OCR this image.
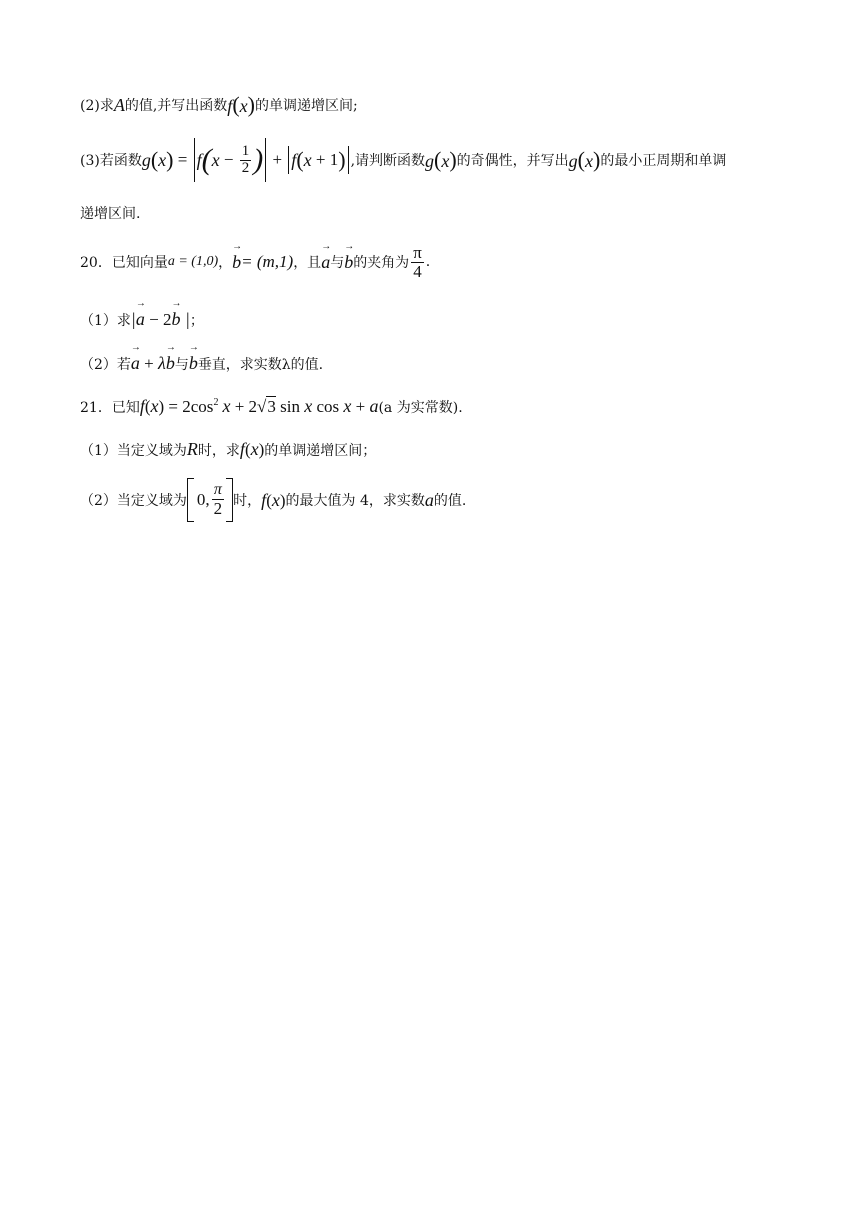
(2)求 A 的值,并写出函数 f(x) 的单调递增区间;
(3)若函数 g ( x ) = f ( $x - \frac{1}{2}$ ) + f ( x + 1 ) ,请判断函数 g(x) 的奇偶性，并写出 g(x) 的最小正周期和单调
递增区间.
20．已知向量 a = (1,0) ， → b = (m,1) ，且 → a 与 → b 的夹角为 $\frac{\pi}{4}$ .
（1）求 |→ a − 2→ b | ；
（2）若 → a + λ→ b 与 → b 垂直，求实数λ的值.
21．已知 $f(x) = 2\cos^2$ x + 2√3 sin x cos x + a (a 为实常数).
（1）当定义域为 R 时，求 f(x) 的单调递增区间；
（2）当定义域为 0, $\frac{\pi}{2}$ 时， f(x) 的最大值为 4，求实数 a 的值.
